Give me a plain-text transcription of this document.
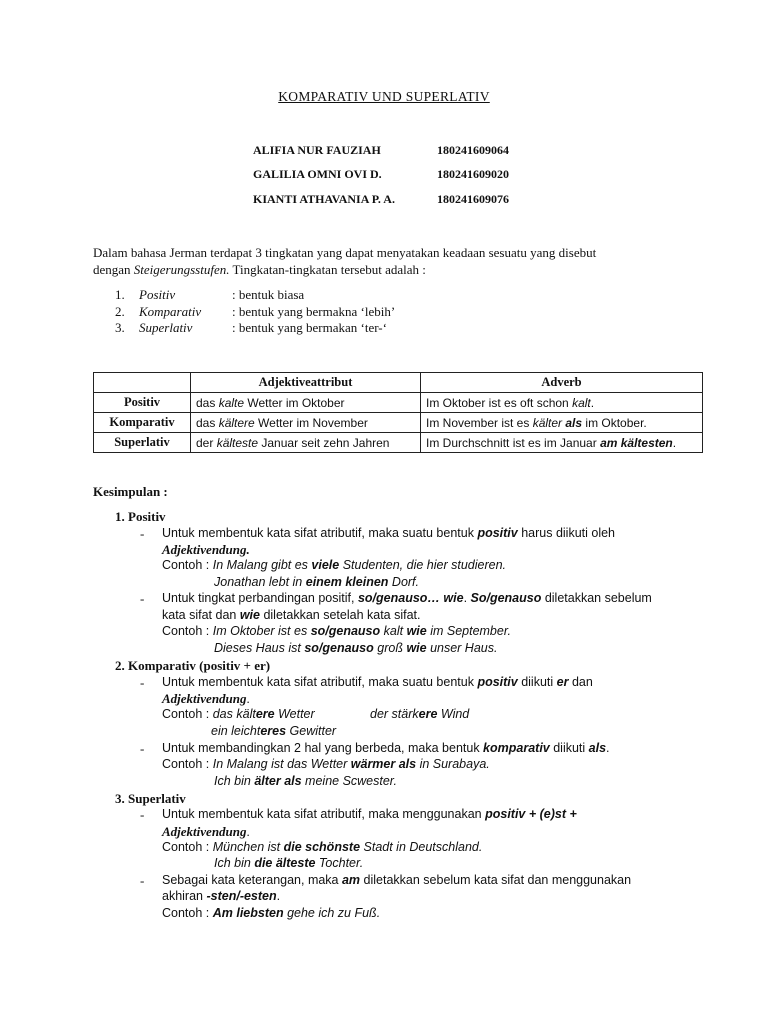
KOMPARATIV UND SUPERLATIV
ALIFIA NUR FAUZIAH	180241609064
GALILIA OMNI OVI D.	180241609020
KIANTI ATHAVANIA P. A.	180241609076
Dalam bahasa Jerman terdapat 3 tingkatan yang dapat menyatakan keadaan sesuatu yang disebut
dengan Steigerungsstufen. Tingkatan-tingkatan tersebut adalah :
1. Positiv	: bentuk biasa
2. Komparativ : bentuk yang bermakna ‘lebih’
3. Superlativ	: bentuk yang bermakan ‘ter-‘
	Adjektiveattribut	Adverb
Positiv	das kalte Wetter im Oktober	Im Oktober ist es oft schon kalt.
Komparativ	das kältere Wetter im November	Im November ist es kälter als im Oktober.
Superlativ	der kälteste Januar seit zehn Jahren	Im Durchschnitt ist es im Januar am kältesten.
Kesimpulan :
1. Positiv
- Untuk membentuk kata sifat atributif, maka suatu bentuk positiv harus diikuti oleh
Adjektivendung.
Contoh : In Malang gibt es viele Studenten, die hier studieren.
Jonathan lebt in einem kleinen Dorf.
- Untuk tingkat perbandingan positif, so/genauso… wie. So/genauso diletakkan sebelum
kata sifat dan wie diletakkan setelah kata sifat.
Contoh : Im Oktober ist es so/genauso kalt wie im September.
Dieses Haus ist so/genauso groß wie unser Haus.
2. Komparativ (positiv + er)
- Untuk membentuk kata sifat atributif, maka suatu bentuk positiv diikuti er dan
Adjektivendung.
Contoh : das kältere Wetter	der stärkere Wind
ein leichteres Gewitter
- Untuk membandingkan 2 hal yang berbeda, maka bentuk komparativ diikuti als.
Contoh : In Malang ist das Wetter wärmer als in Surabaya.
Ich bin älter als meine Scwester.
3. Superlativ
- Untuk membentuk kata sifat atributif, maka menggunakan positiv + (e)st +
Adjektivendung.
Contoh : München ist die schönste Stadt in Deutschland.
Ich bin die älteste Tochter.
- Sebagai kata keterangan, maka am diletakkan sebelum kata sifat dan menggunakan
akhiran -sten/-esten.
Contoh : Am liebsten gehe ich zu Fuß.
